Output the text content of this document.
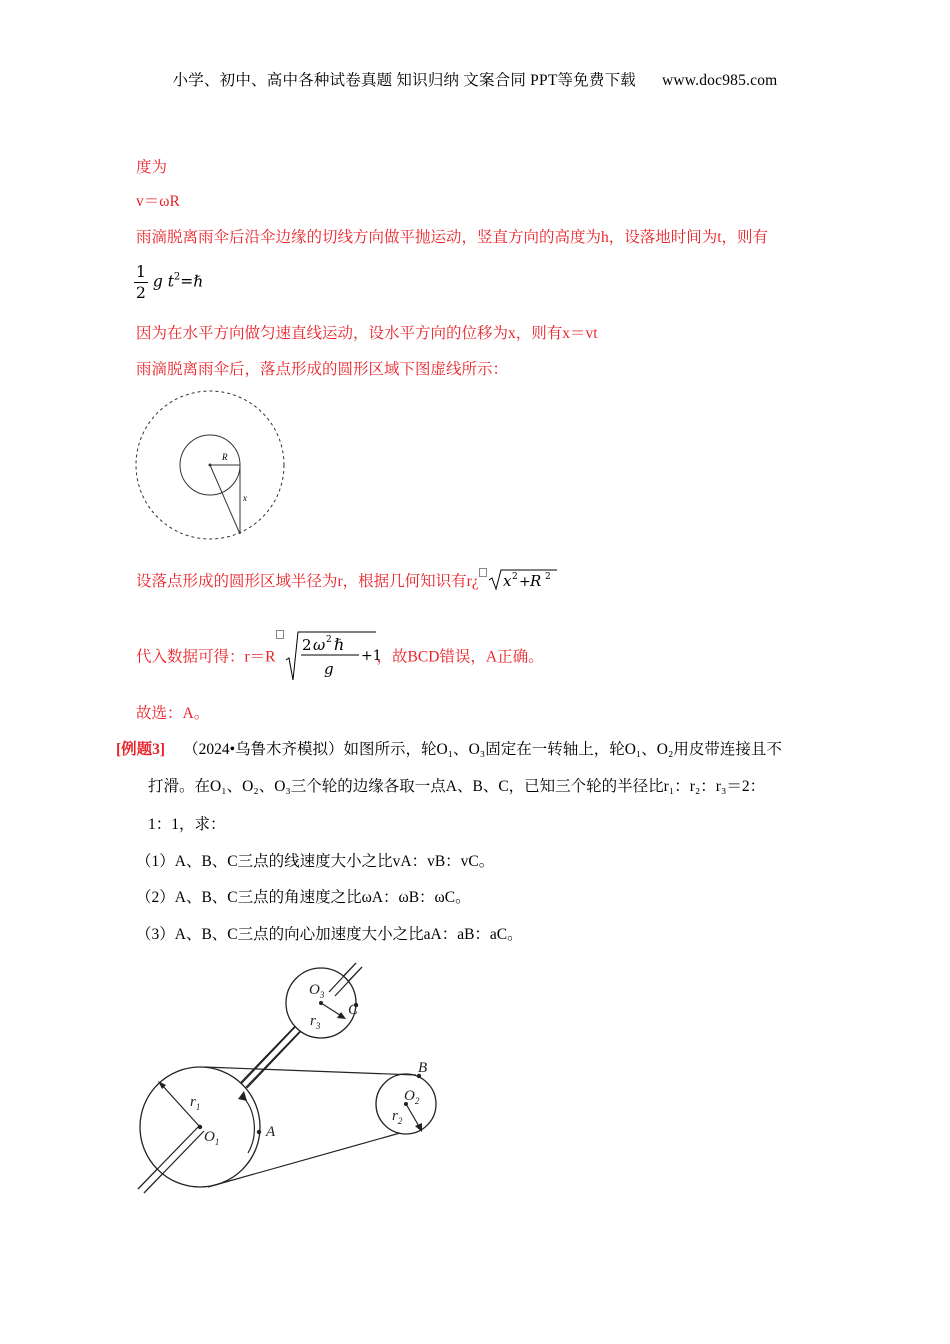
小学、初中、高中各种试卷真题 知识归纳 文案合同 PPT等免费下载 www.doc985.com
度为
v＝ωR
雨滴脱离雨伞后沿伞边缘的切线方向做平抛运动，竖直方向的高度为h，设落地时间为t，则有
$\frac{1}{2}$ g $t^2=\hbar$
因为在水平方向做匀速直线运动，设水平方向的位移为x，则有x＝vt
雨滴脱离雨伞后，落点形成的圆形区域下图虚线所示：
R
x
设落点形成的圆形区域半径为r，根据几何知识有r¿ x 2 + R 2
代入数据可得：r＝R
2 ω 2 ℏ
g
+1
，故BCD错误，A正确。
故选：A。
[例题3] （2024•乌鲁木齐模拟）如图所示，轮O₁、O₃固定在一转轴上，轮O₁、O₂用皮带连接且不
打滑。在O₁、O₂、O₃三个轮的边缘各取一点A、B、C，已知三个轮的半径比r₁：r₂：r₃＝2：
1：1，求：
（1）A、B、C三点的线速度大小之比vA：vB：vC。
（2）A、B、C三点的角速度之比ωA：ωB：ωC。
（3）A、B、C三点的向心加速度大小之比aA：aB：aC。
$O_1$
$r_1$
A
$O_3$
$r_3$
C
B
$O_2$
$r_2$
